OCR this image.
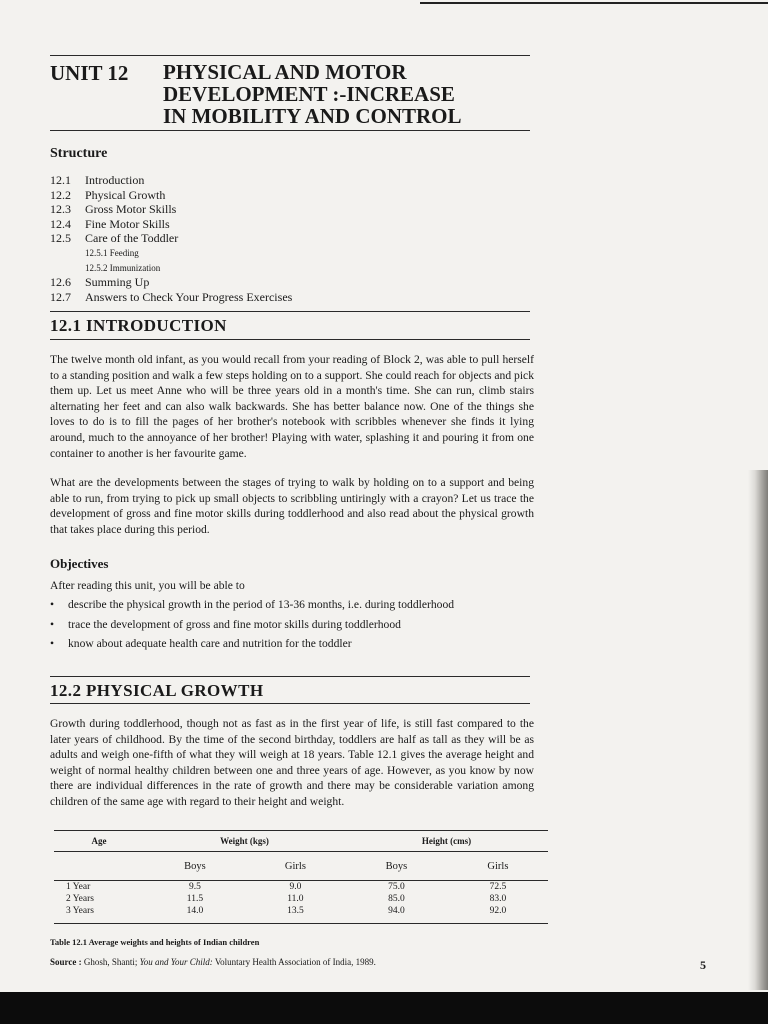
UNIT 12 PHYSICAL AND MOTOR
DEVELOPMENT :-INCREASE
IN MOBILITY AND CONTROL
Structure
12.1	Introduction
12.2	Physical Growth
12.3	Gross Motor Skills
12.4	Fine Motor Skills
12.5	Care of the Toddler
12.5.1 Feeding
12.5.2 Immunization
12.6	Summing Up
12.7	Answers to Check Your Progress Exercises
12.1 INTRODUCTION
The twelve month old infant, as you would recall from your reading of Block 2, was able to pull herself to a standing position and walk a few steps holding on to a support. She could reach for objects and pick them up. Let us meet Anne who will be three years old in a month's time. She can run, climb stairs alternating her feet and can also walk backwards. She has better balance now. One of the things she loves to do is to fill the pages of her brother's notebook with scribbles whenever she finds it lying around, much to the annoyance of her brother! Playing with water, splashing it and pouring it from one container to another is her favourite game.
What are the developments between the stages of trying to walk by holding on to a support and being able to run, from trying to pick up small objects to scribbling untiringly with a crayon? Let us trace the development of gross and fine motor skills during toddlerhood and also read about the physical growth that takes place during this period.
Objectives
After reading this unit, you will be able to
•	describe the physical growth in the period of 13-36 months, i.e. during toddlerhood
•	trace the development of gross and fine motor skills during toddlerhood
•	know about adequate health care and nutrition for the toddler
12.2 PHYSICAL GROWTH
Growth during toddlerhood, though not as fast as in the first year of life, is still fast compared to the later years of childhood. By the time of the second birthday, toddlers are half as tall as they will be as adults and weigh one-fifth of what they will weigh at 18 years. Table 12.1 gives the average height and weight of normal healthy children between one and three years of age. However, as you know by now there are individual differences in the rate of growth and there may be considerable variation among children of the same age with regard to their height and weight.
Age	Weight (kgs)		Height (cms)	
	Boys	Girls	Boys	Girls
1 Year	9.5	9.0	75.0	72.5
2 Years	11.5	11.0	85.0	83.0
3 Years	14.0	13.5	94.0	92.0
Table 12.1 Average weights and heights of Indian children
Source : Ghosh, Shanti; You and Your Child: Voluntary Health Association of India, 1989.	5
